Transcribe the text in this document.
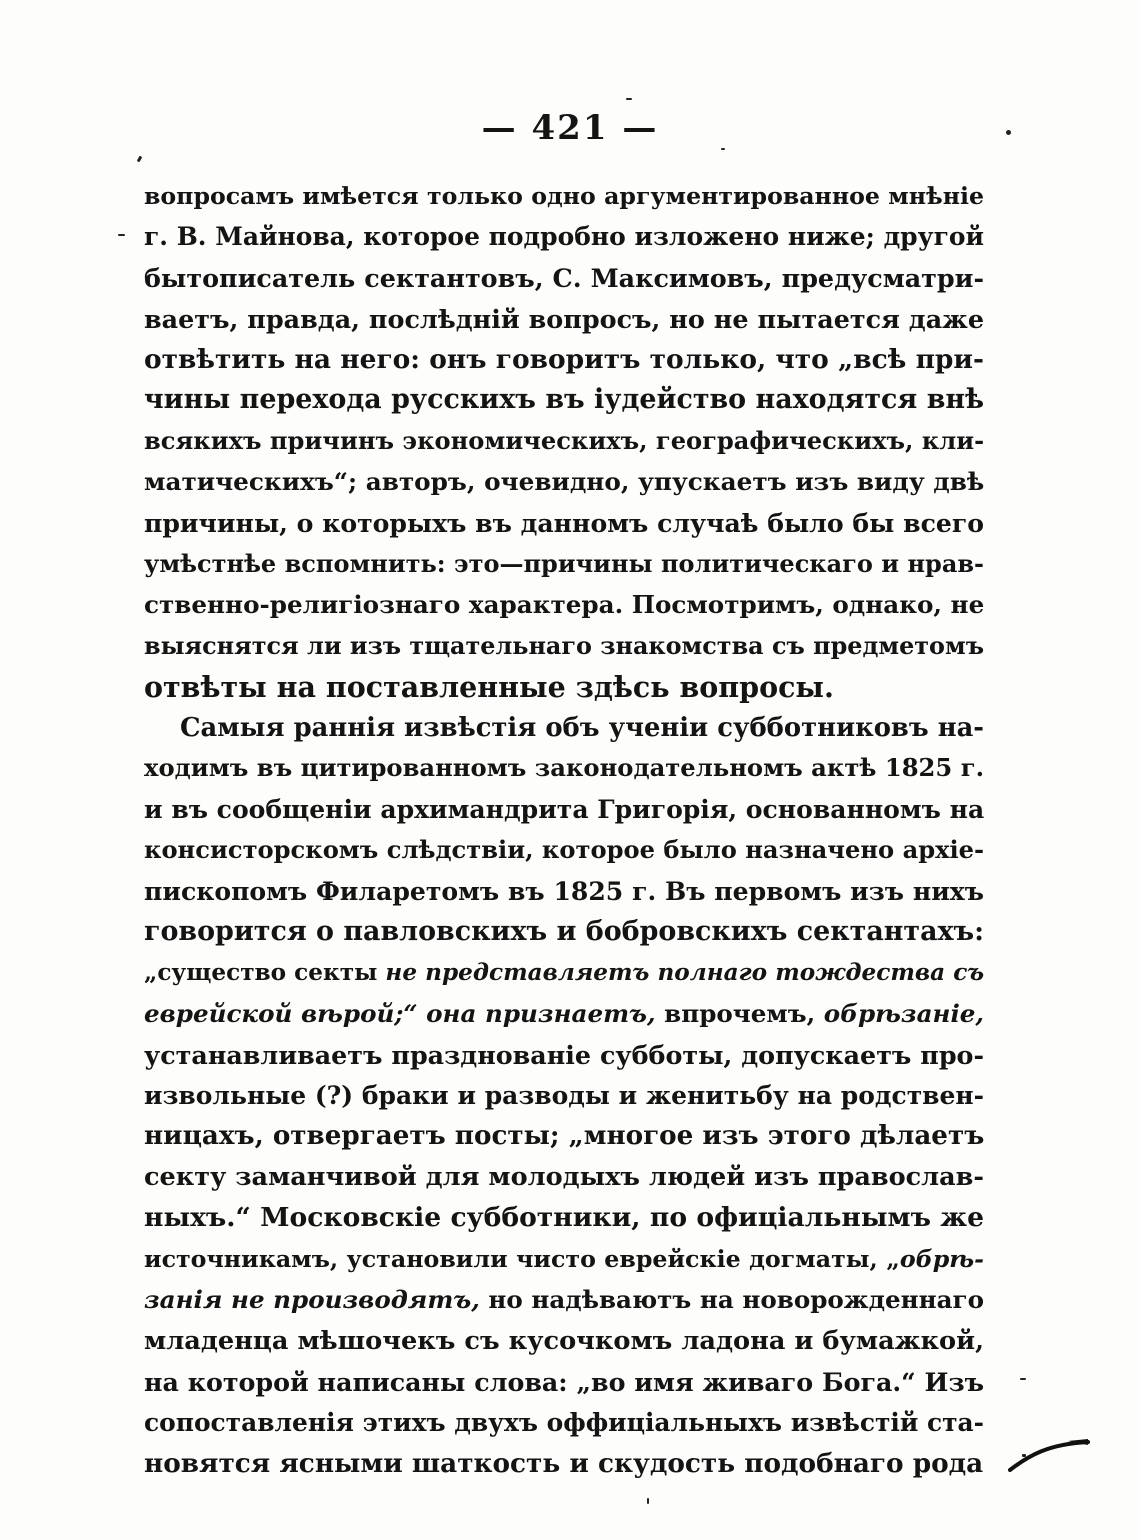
— 421 —
вопросамъ имѣется только одно аргументированное мнѣніе
г. В. Майнова, которое подробно изложено ниже; другой
бытописатель сектантовъ, С. Максимовъ, предусматри-
ваетъ, правда, послѣдній вопросъ, но не пытается даже
отвѣтить на него: онъ говоритъ только, что „всѣ при-
чины перехода русскихъ въ іудейство находятся внѣ
всякихъ причинъ экономическихъ, географическихъ, кли-
матическихъ“; авторъ, очевидно, упускаетъ изъ виду двѣ
причины, о которыхъ въ данномъ случаѣ было бы всего
умѣстнѣе вспомнить: это—причины политическаго и нрав-
ственно-религіознаго характера. Посмотримъ, однако, не
выяснятся ли изъ тщательнаго знакомства съ предметомъ
отвѣты на поставленные здѣсь вопросы.
Самыя раннія извѣстія объ ученіи субботниковъ на-
ходимъ въ цитированномъ законодательномъ актѣ 1825 г.
и въ сообщеніи архимандрита Григорія, основанномъ на
консисторскомъ слѣдствіи, которое было назначено архіе-
пископомъ Филаретомъ въ 1825 г. Въ первомъ изъ нихъ
говорится о павловскихъ и бобровскихъ сектантахъ:
„существо секты не представляетъ полнаго тождества съ
еврейской вѣрой;“ она признаетъ, впрочемъ, обрѣзаніе,
устанавливаетъ празднованіе субботы, допускаетъ про-
извольные (?) браки и разводы и женитьбу на родствен-
ницахъ, отвергаетъ посты; „многое изъ этого дѣлаетъ
секту заманчивой для молодыхъ людей изъ православ-
ныхъ.“ Московскіе субботники, по офиціальнымъ же
источникамъ, установили чисто еврейскіе догматы, „обрѣ-
занія не производятъ, но надѣваютъ на новорожденнаго
младенца мѣшочекъ съ кусочкомъ ладона и бумажкой,
на которой написаны слова: „во имя живаго Бога.“ Изъ
сопоставленія этихъ двухъ оффиціальныхъ извѣстій ста-
новятся ясными шаткость и скудость подобнаго рода
